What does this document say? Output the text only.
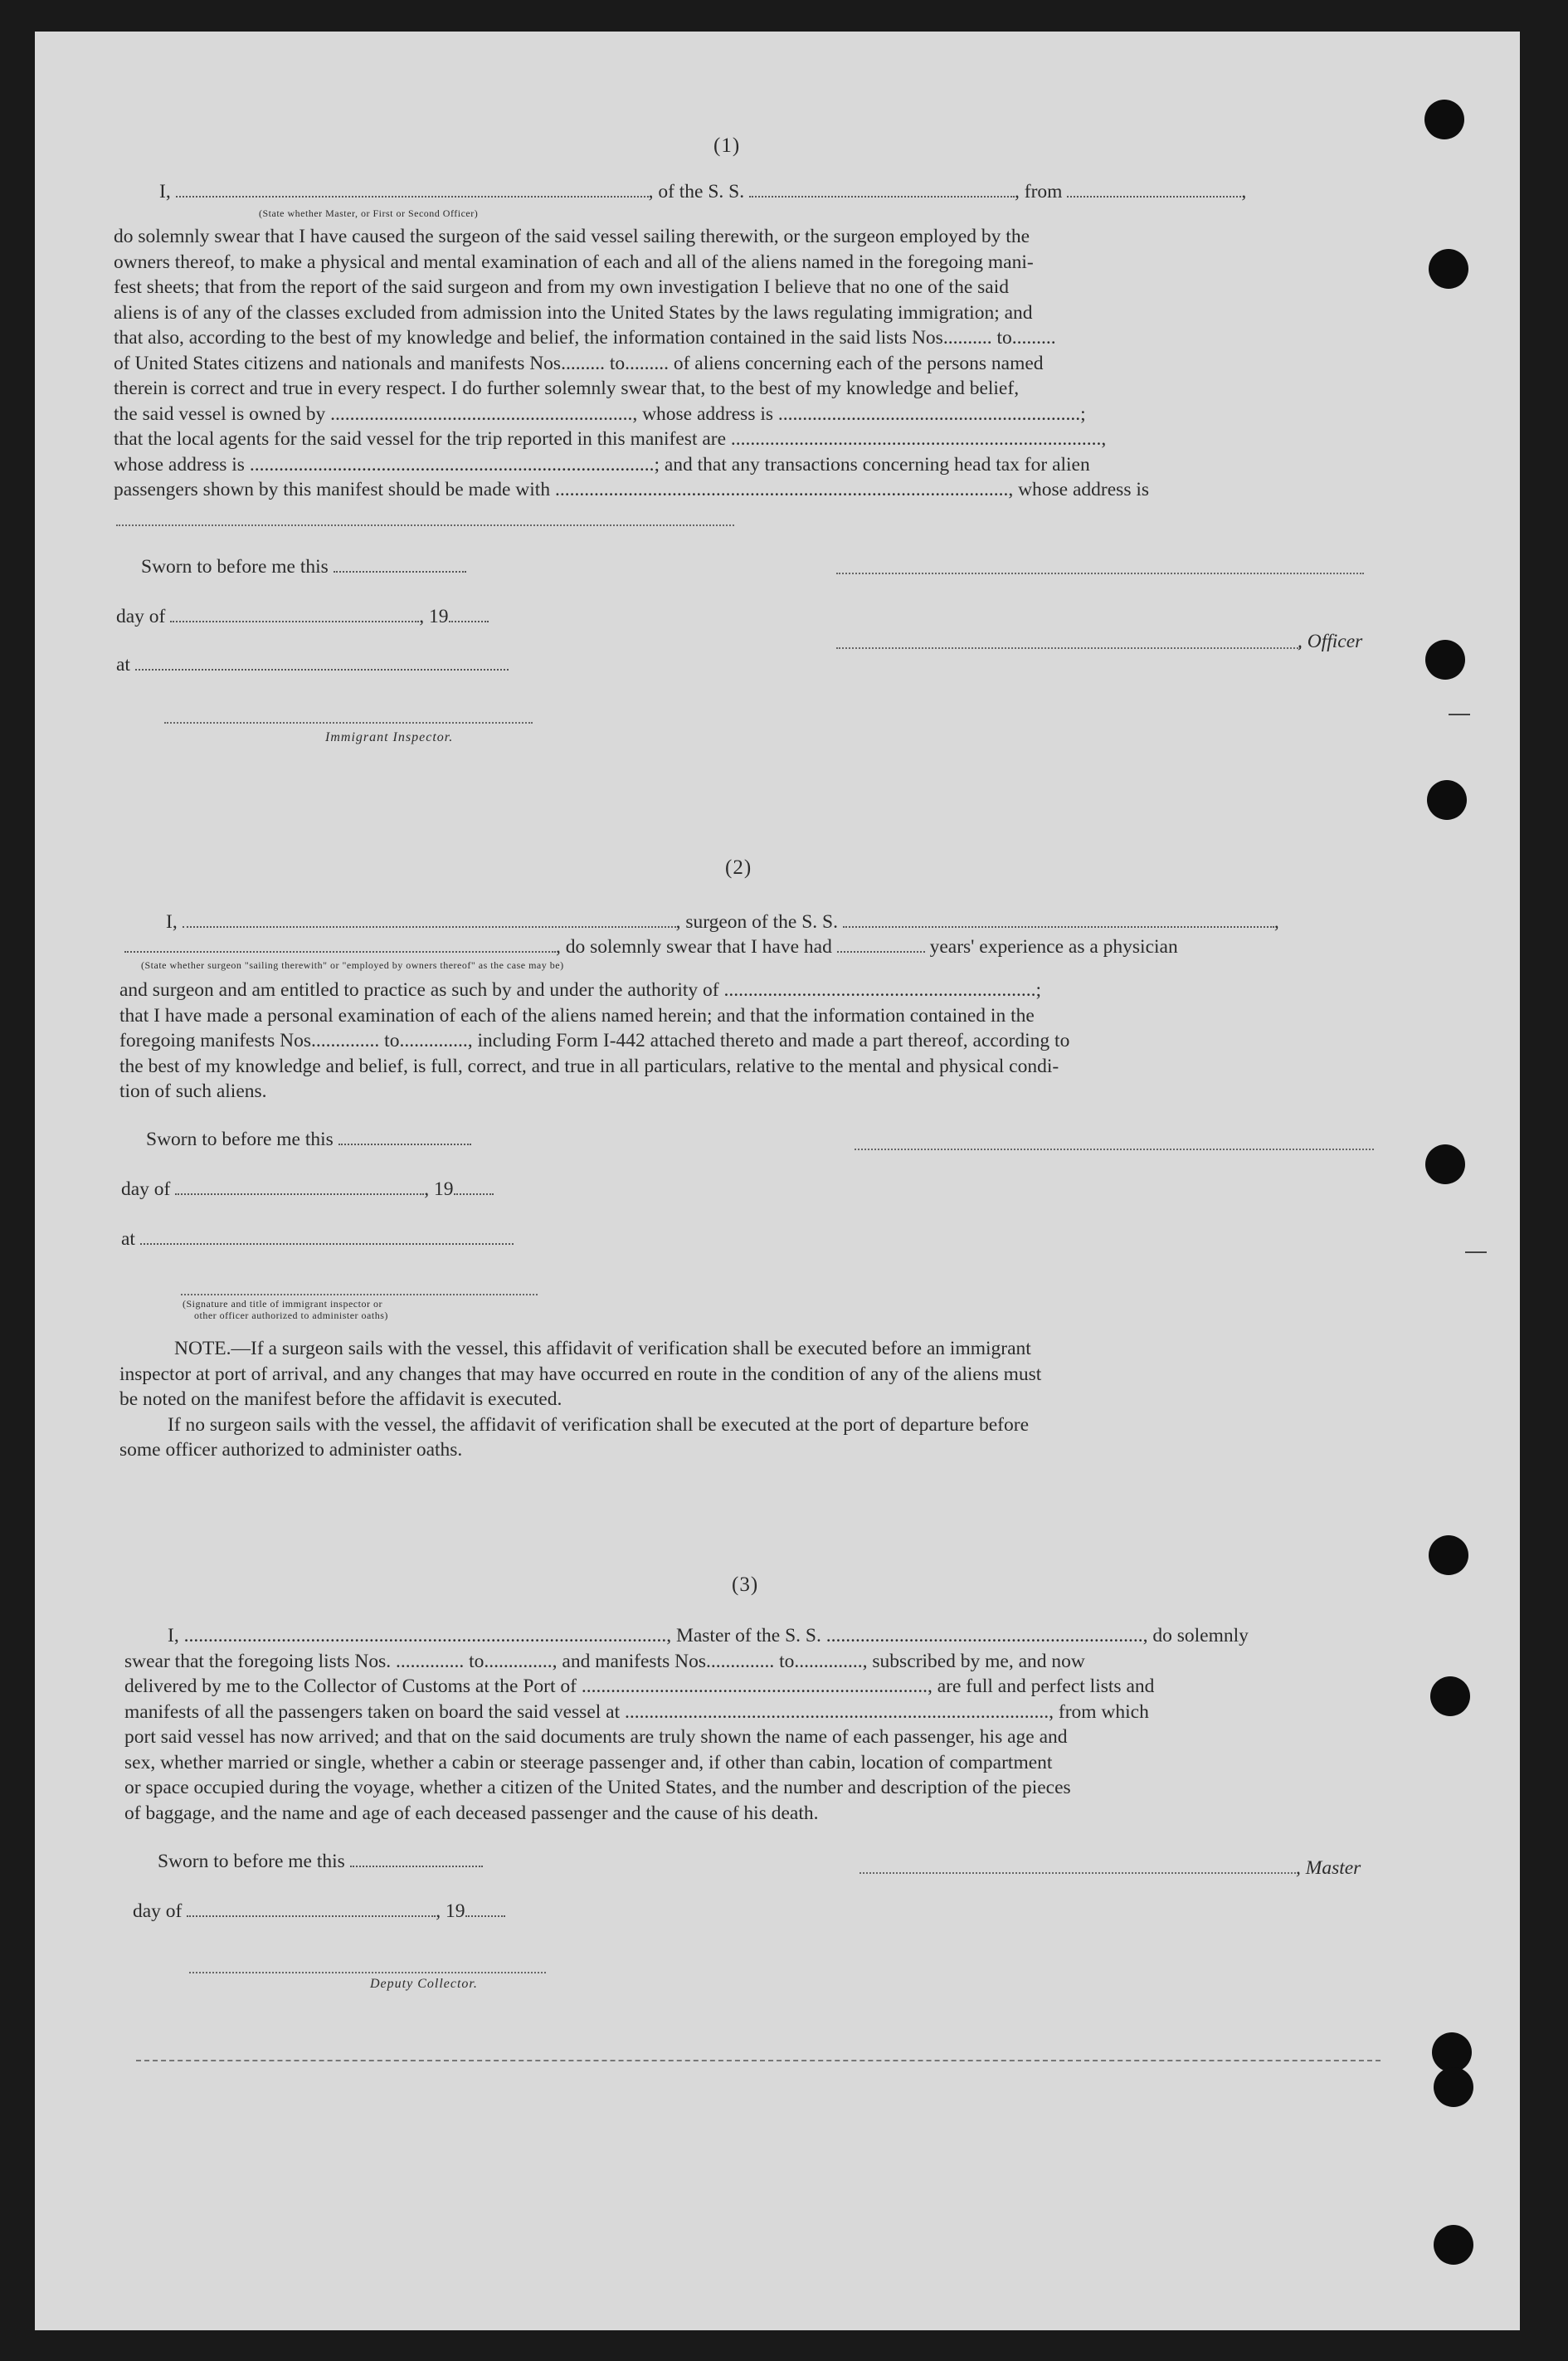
(1)
I,	, of the S. S.	, from	,
(State whether Master, or First or Second Officer)
do solemnly swear that I have caused the surgeon of the said vessel sailing therewith, or the surgeon employed by the
owners thereof, to make a physical and mental examination of each and all of the aliens named in the foregoing mani-
fest sheets; that from the report of the said surgeon and from my own investigation I believe that no one of the said
aliens is of any of the classes excluded from admission into the United States by the laws regulating immigration; and
that also, according to the best of my knowledge and belief, the information contained in the said lists Nos.......... to.........
of United States citizens and nationals and manifests Nos......... to......... of aliens concerning each of the persons named
therein is correct and true in every respect. I do further solemnly swear that, to the best of my knowledge and belief,
the said vessel is owned by .............................................................., whose address is ..............................................................;
that the local agents for the said vessel for the trip reported in this manifest are ............................................................................,
whose address is ...................................................................................; and that any transactions concerning head tax for alien
passengers shown by this manifest should be made with ............................................................................................., whose address is
Sworn to before me this
day of	, 19
at
Immigrant Inspector.
, Officer
(2)
I,	, surgeon of the S. S.	,
, do solemnly swear that I have had	years' experience as a physician
(State whether surgeon "sailing therewith" or "employed by owners thereof" as the case may be)
and surgeon and am entitled to practice as such by and under the authority of ................................................................;
that I have made a personal examination of each of the aliens named herein; and that the information contained in the
foregoing manifests Nos.............. to.............., including Form I-442 attached thereto and made a part thereof, according to
the best of my knowledge and belief, is full, correct, and true in all particulars, relative to the mental and physical condi-
tion of such aliens.
Sworn to before me this
day of	, 19
at
(Signature and title of immigrant inspector or
other officer authorized to administer oaths)
NOTE.—If a surgeon sails with the vessel, this affidavit of verification shall be executed before an immigrant
inspector at port of arrival, and any changes that may have occurred en route in the condition of any of the aliens must
be noted on the manifest before the affidavit is executed.
If no surgeon sails with the vessel, the affidavit of verification shall be executed at the port of departure before
some officer authorized to administer oaths.
(3)
I, ..................................................................................................., Master of the S. S. ................................................................., do solemnly
swear that the foregoing lists Nos. .............. to.............., and manifests Nos.............. to.............., subscribed by me, and now
delivered by me to the Collector of Customs at the Port of ......................................................................., are full and perfect lists and
manifests of all the passengers taken on board the said vessel at ......................................................................................., from which
port said vessel has now arrived; and that on the said documents are truly shown the name of each passenger, his age and
sex, whether married or single, whether a cabin or steerage passenger and, if other than cabin, location of compartment
or space occupied during the voyage, whether a citizen of the United States, and the number and description of the pieces
of baggage, and the name and age of each deceased passenger and the cause of his death.
Sworn to before me this
day of	, 19
Deputy Collector.
, Master
